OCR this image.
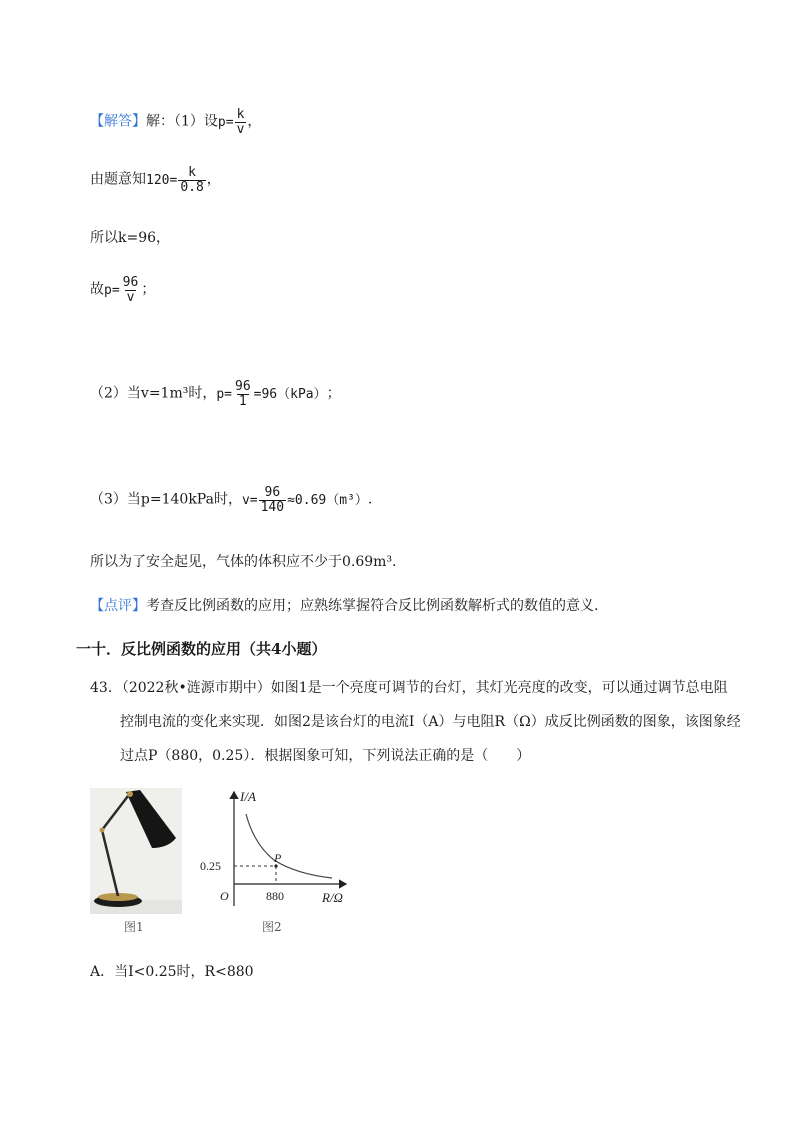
【解答】解：（1）设 $p= \frac{k}{v}$ ，
由题意知 $120= \frac{k}{0.8}$ ，
所以k=96，
故 $p= \frac{96}{v}$ ；
（2）当v=1m³时， $p= \frac{96}{1} =96(kPa)$ ；
（3）当p=140kPa时， $v= \frac{96}{140} \approx 0.69(m^3)$ .
所以为了安全起见，气体的体积应不少于0.69m³.
【点评】考查反比例函数的应用；应熟练掌握符合反比例函数解析式的数值的意义.
一十．反比例函数的应用（共4小题）
43．（2022秋•涟源市期中）如图1是一个亮度可调节的台灯，其灯光亮度的改变，可以通过调节总电阻
控制电流的变化来实现．如图2是该台灯的电流I（A）与电阻R（Ω）成反比例函数的图象，该图象经
过点P（880，0.25）．根据图象可知，下列说法正确的是（　　）
图1
I/A
R/Ω
O
0.25
880
P
图2
A．当I<0.25时，R<880
